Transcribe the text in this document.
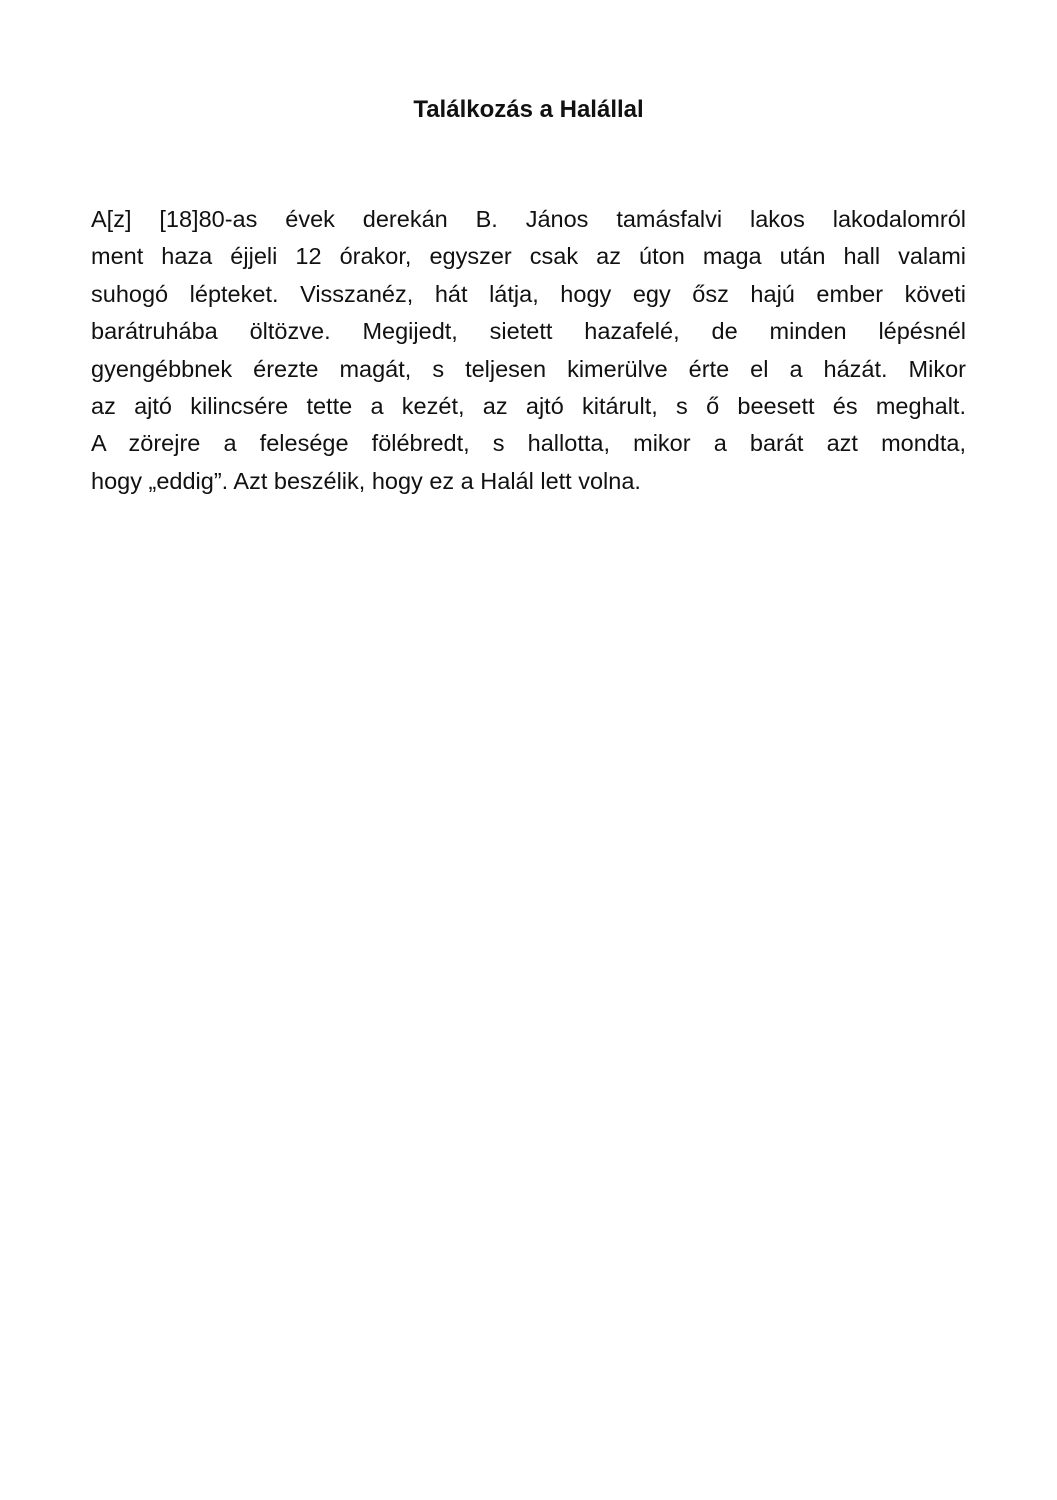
Találkozás a Halállal
A[z] [18]80-as évek derekán B. János tamásfalvi lakos lakodalomról
ment haza éjjeli 12 órakor, egyszer csak az úton maga után hall valami
suhogó lépteket. Visszanéz, hát látja, hogy egy ősz hajú ember követi
barátruhába öltözve. Megijedt, sietett hazafelé, de minden lépésnél
gyengébbnek érezte magát, s teljesen kimerülve érte el a házát. Mikor
az ajtó kilincsére tette a kezét, az ajtó kitárult, s ő beesett és meghalt.
A zörejre a felesége fölébredt, s hallotta, mikor a barát azt mondta,
hogy „eddig”. Azt beszélik, hogy ez a Halál lett volna.
